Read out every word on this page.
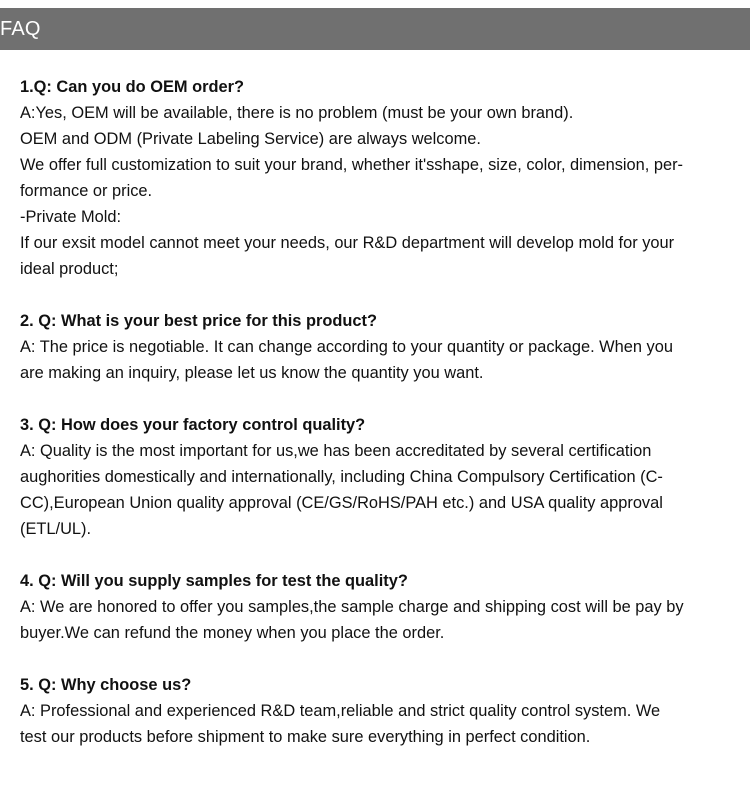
FAQ

1.Q: Can you do OEM order?

A:Yes, OEM will be available, there is no problem (must be your own brand).

OEM and ODM (Private Labeling Service) are always welcome.

We offer full customization to suit your brand, whether it'sshape, size, color, dimension, per-

formance or price.

-Private Mold:

If our exsit model cannot meet your needs, our R&D department will develop mold for your

ideal product;

2. Q: What is your best price for this product?

A: The price is negotiable. It can change according to your quantity or package. When you

are making an inquiry, please let us know the quantity you want.

3. Q: How does your factory control quality?

A: Quality is the most important for us,we has been accreditated by several certification

aughorities domestically and internationally, including China Compulsory Certification (C-

CC),European Union quality approval (CE/GS/RoHS/PAH etc.) and USA quality approval

(ETL/UL).

4. Q: Will you supply samples for test the quality?

A: We are honored to offer you samples,the sample charge and shipping cost will be pay by

buyer.We can refund the money when you place the order.

5. Q: Why choose us?

A: Professional and experienced R&D team,reliable and strict quality control system. We

test our products before shipment to make sure everything in perfect condition.
